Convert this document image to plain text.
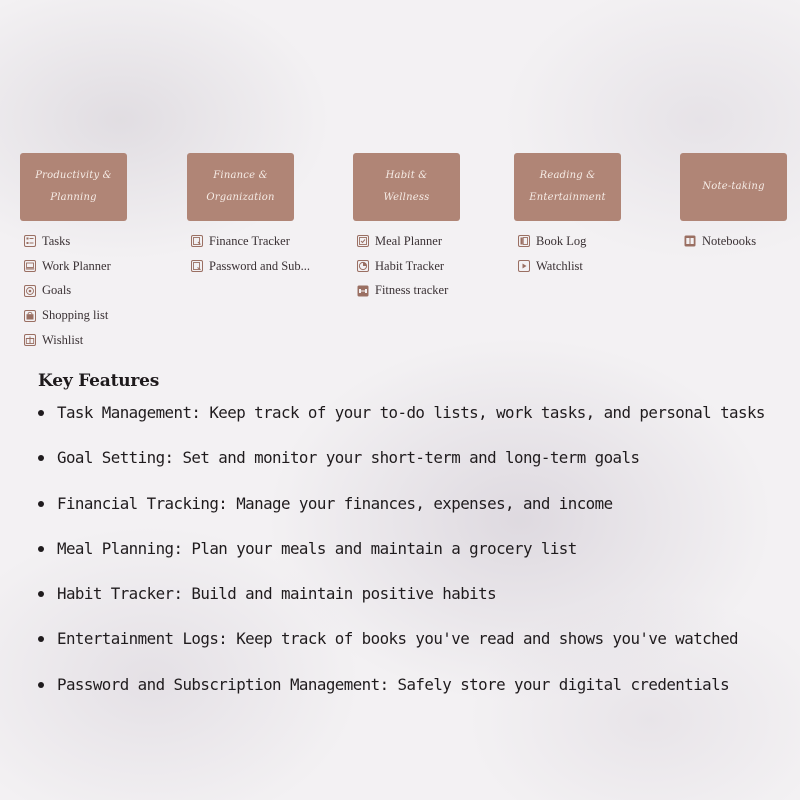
Productivity &
Planning
Tasks
Work Planner
Goals
Shopping list
Wishlist
Finance &
Organization
Finance Tracker
Password and Sub...
Habit & Wellness
Meal Planner
Habit Tracker
Fitness tracker
Reading &
Entertainment
Book Log
Watchlist
Note-taking
Notebooks
Key Features
Task Management: Keep track of your to-do lists, work tasks, and personal tasks
Goal Setting: Set and monitor your short-term and long-term goals
Financial Tracking: Manage your finances, expenses, and income
Meal Planning: Plan your meals and maintain a grocery list
Habit Tracker: Build and maintain positive habits
Entertainment Logs: Keep track of books you've read and shows you've watched
Password and Subscription Management: Safely store your digital credentials
